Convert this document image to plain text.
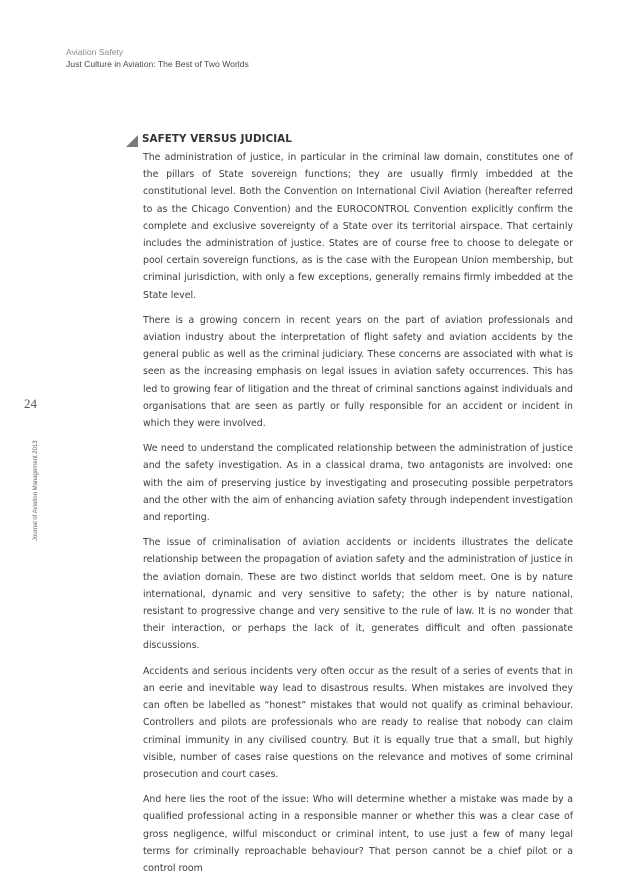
Aviation Safety
Just Culture in Aviation: The Best of Two Worlds
24
Journal of Aviation Management 2013
SAFETY VERSUS JUDICIAL

The administration of justice, in particular in the criminal law domain, constitutes one of the pillars of State sovereign functions; they are usually firmly imbedded at the constitutional level. Both the Convention on International Civil Aviation (hereafter referred to as the Chicago Convention) and the EUROCONTROL Convention explicitly confirm the complete and exclusive sovereignty of a State over its territorial airspace. That certainly includes the administration of justice. States are of course free to choose to delegate or pool certain sovereign functions, as is the case with the European Union membership, but criminal jurisdiction, with only a few exceptions, generally remains firmly imbedded at the State level.

There is a growing concern in recent years on the part of aviation professionals and aviation industry about the interpretation of flight safety and aviation accidents by the general public as well as the criminal judiciary. These concerns are associated with what is seen as the increasing emphasis on legal issues in aviation safety occurrences. This has led to growing fear of litigation and the threat of criminal sanctions against individuals and organisations that are seen as partly or fully responsible for an accident or incident in which they were involved.

We need to understand the complicated relationship between the administration of justice and the safety investigation. As in a classical drama, two antagonists are involved: one with the aim of preserving justice by investigating and prosecuting possible perpetrators and the other with the aim of enhancing aviation safety through independent investigation and reporting.

The issue of criminalisation of aviation accidents or incidents illustrates the delicate relationship between the propagation of aviation safety and the administration of justice in the aviation domain. These are two distinct worlds that seldom meet. One is by nature international, dynamic and very sensitive to safety; the other is by nature national, resistant to progressive change and very sensitive to the rule of law. It is no wonder that their interaction, or perhaps the lack of it, generates difficult and often passionate discussions.

Accidents and serious incidents very often occur as the result of a series of events that in an eerie and inevitable way lead to disastrous results. When mistakes are involved they can often be labelled as “honest” mistakes that would not qualify as criminal behaviour. Controllers and pilots are professionals who are ready to realise that nobody can claim criminal immunity in any civilised country. But it is equally true that a small, but highly visible, number of cases raise questions on the relevance and motives of some criminal prosecution and court cases.

And here lies the root of the issue: Who will determine whether a mistake was made by a qualified professional acting in a responsible manner or whether this was a clear case of gross negligence, wilful misconduct or criminal intent, to use just a few of many legal terms for criminally reproachable behaviour? That person cannot be a chief pilot or a control room
